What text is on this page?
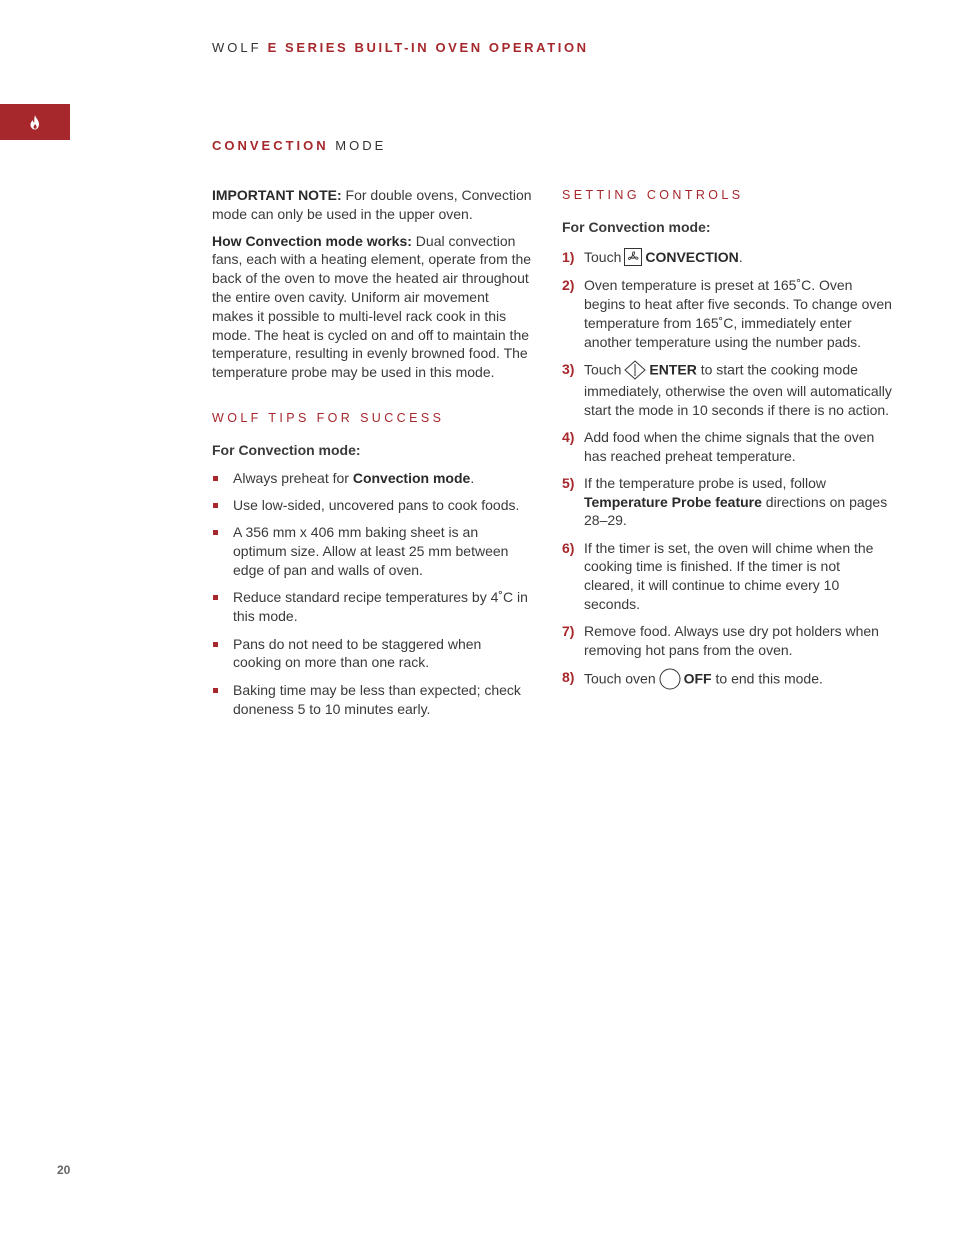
WOLF E SERIES BUILT-IN OVEN OPERATION
CONVECTION MODE

IMPORTANT NOTE: For double ovens, Convection mode can only be used in the upper oven.

How Convection mode works: Dual convection fans, each with a heating element, operate from the back of the oven to move the heated air throughout the entire oven cavity. Uniform air movement makes it possible to multi-level rack cook in this mode. The heat is cycled on and off to maintain the temperature, resulting in evenly browned food. The temperature probe may be used in this mode.

WOLF TIPS FOR SUCCESS

For Convection mode:

Always preheat for Convection mode.
Use low-sided, uncovered pans to cook foods.
A 356 mm x 406 mm baking sheet is an optimum size. Allow at least 25 mm between edge of pan and walls of oven.
Reduce standard recipe temperatures by 4˚C in this mode.
Pans do not need to be staggered when cooking on more than one rack.
Baking time may be less than expected; check doneness 5 to 10 minutes early.

SETTING CONTROLS

For Convection mode:

1) Touch CONVECTION.
2) Oven temperature is preset at 165˚C. Oven begins to heat after five seconds. To change oven temperature from 165˚C, immediately enter another temperature using the number pads.
3) Touch ENTER to start the cooking mode immediately, otherwise the oven will automatically start the mode in 10 seconds if there is no action.
4) Add food when the chime signals that the oven has reached preheat temperature.
5) If the temperature probe is used, follow Temperature Probe feature directions on pages 28–29.
6) If the timer is set, the oven will chime when the cooking time is finished. If the timer is not cleared, it will continue to chime every 10 seconds.
7) Remove food. Always use dry pot holders when removing hot pans from the oven.
8) Touch oven OFF to end this mode.
20
